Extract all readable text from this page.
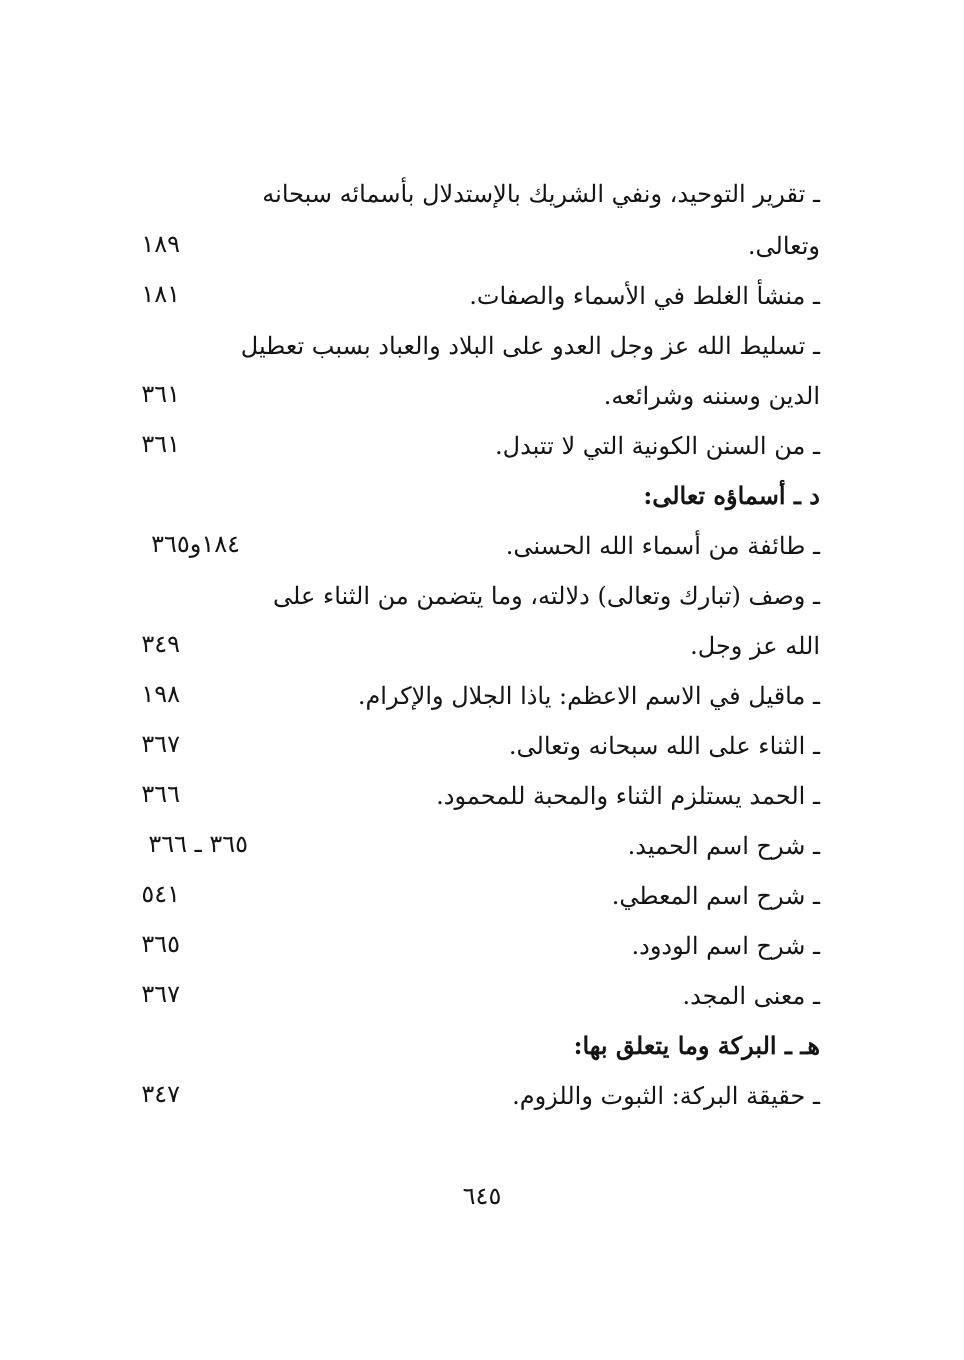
ـ تقرير التوحيد، ونفي الشريك بالإستدلال بأسمائه سبحانه
وتعالى.
١٨٩
ـ منشأ الغلط في الأسماء والصفات.
١٨١
ـ تسليط الله عز وجل العدو على البلاد والعباد بسبب تعطيل
الدين وسننه وشرائعه.
٣٦١
ـ من السنن الكونية التي لا تتبدل.
٣٦١
د ـ أسماؤه تعالى:
ـ طائفة من أسماء الله الحسنى.
١٨٤و٣٦٥
ـ وصف (تبارك وتعالى) دلالته، وما يتضمن من الثناء على
الله عز وجل.
٣٤٩
ـ ماقيل في الاسم الاعظم: ياذا الجلال والإكرام.
١٩٨
ـ الثناء على الله سبحانه وتعالى.
٣٦٧
ـ الحمد يستلزم الثناء والمحبة للمحمود.
٣٦٦
ـ شرح اسم الحميد.
٣٦٥ ـ ٣٦٦
ـ شرح اسم المعطي.
٥٤١
ـ شرح اسم الودود.
٣٦٥
ـ معنى المجد.
٣٦٧
هـ ـ البركة وما يتعلق بها:
ـ حقيقة البركة: الثبوت واللزوم.
٣٤٧
٦٤٥
